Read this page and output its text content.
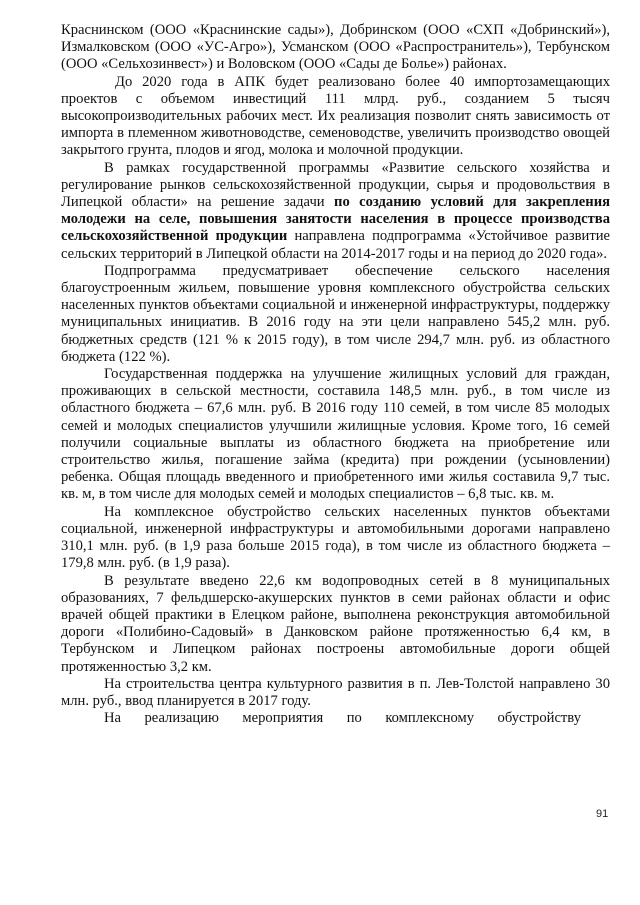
Краснинском (ООО «Краснинские сады»), Добринском (ООО «СХП «Добринский»), Измалковском (ООО «УС-Агро»), Усманском (ООО «Распространитель»), Тербунском (ООО «Сельхозинвест») и Воловском (ООО «Сады де Болье») районах.

До 2020 года в АПК будет реализовано более 40 импортозамещающих проектов с объемом инвестиций 111 млрд. руб., созданием 5 тысяч высокопроизводительных рабочих мест. Их реализация позволит снять зависимость от импорта в племенном животноводстве, семеноводстве, увеличить производство овощей закрытого грунта, плодов и ягод, молока и молочной продукции.

В рамках государственной программы «Развитие сельского хозяйства и регулирование рынков сельскохозяйственной продукции, сырья и продовольствия в Липецкой области» на решение задачи по созданию условий для закрепления молодежи на селе, повышения занятости населения в процессе производства сельскохозяйственной продукции направлена подпрограмма «Устойчивое развитие сельских территорий в Липецкой области на 2014-2017 годы и на период до 2020 года».

Подпрограмма предусматривает обеспечение сельского населения благоустроенным жильем, повышение уровня комплексного обустройства сельских населенных пунктов объектами социальной и инженерной инфраструктуры, поддержку муниципальных инициатив. В 2016 году на эти цели направлено 545,2 млн. руб. бюджетных средств (121 % к 2015 году), в том числе 294,7 млн. руб. из областного бюджета (122 %).

Государственная поддержка на улучшение жилищных условий для граждан, проживающих в сельской местности, составила 148,5 млн. руб., в том числе из областного бюджета – 67,6 млн. руб. В 2016 году 110 семей, в том числе 85 молодых семей и молодых специалистов улучшили жилищные условия. Кроме того, 16 семей получили социальные выплаты из областного бюджета на приобретение или строительство жилья, погашение займа (кредита) при рождении (усыновлении) ребенка. Общая площадь введенного и приобретенного ими жилья составила 9,7 тыс. кв. м, в том числе для молодых семей и молодых специалистов – 6,8 тыс. кв. м.

На комплексное обустройство сельских населенных пунктов объектами социальной, инженерной инфраструктуры и автомобильными дорогами направлено 310,1 млн. руб. (в 1,9 раза больше 2015 года), в том числе из областного бюджета – 179,8 млн. руб. (в 1,9 раза).

В результате введено 22,6 км водопроводных сетей в 8 муниципальных образованиях, 7 фельдшерско-акушерских пунктов в семи районах области и офис врачей общей практики в Елецком районе, выполнена реконструкция автомобильной дороги «Полибино-Садовый» в Данковском районе протяженностью 6,4 км, в Тербунском и Липецком районах построены автомобильные дороги общей протяженностью 3,2 км.

На строительства центра культурного развития в п. Лев-Толстой направлено 30 млн. руб., ввод планируется в 2017 году.

На реализацию мероприятия по комплексному обустройству

91
